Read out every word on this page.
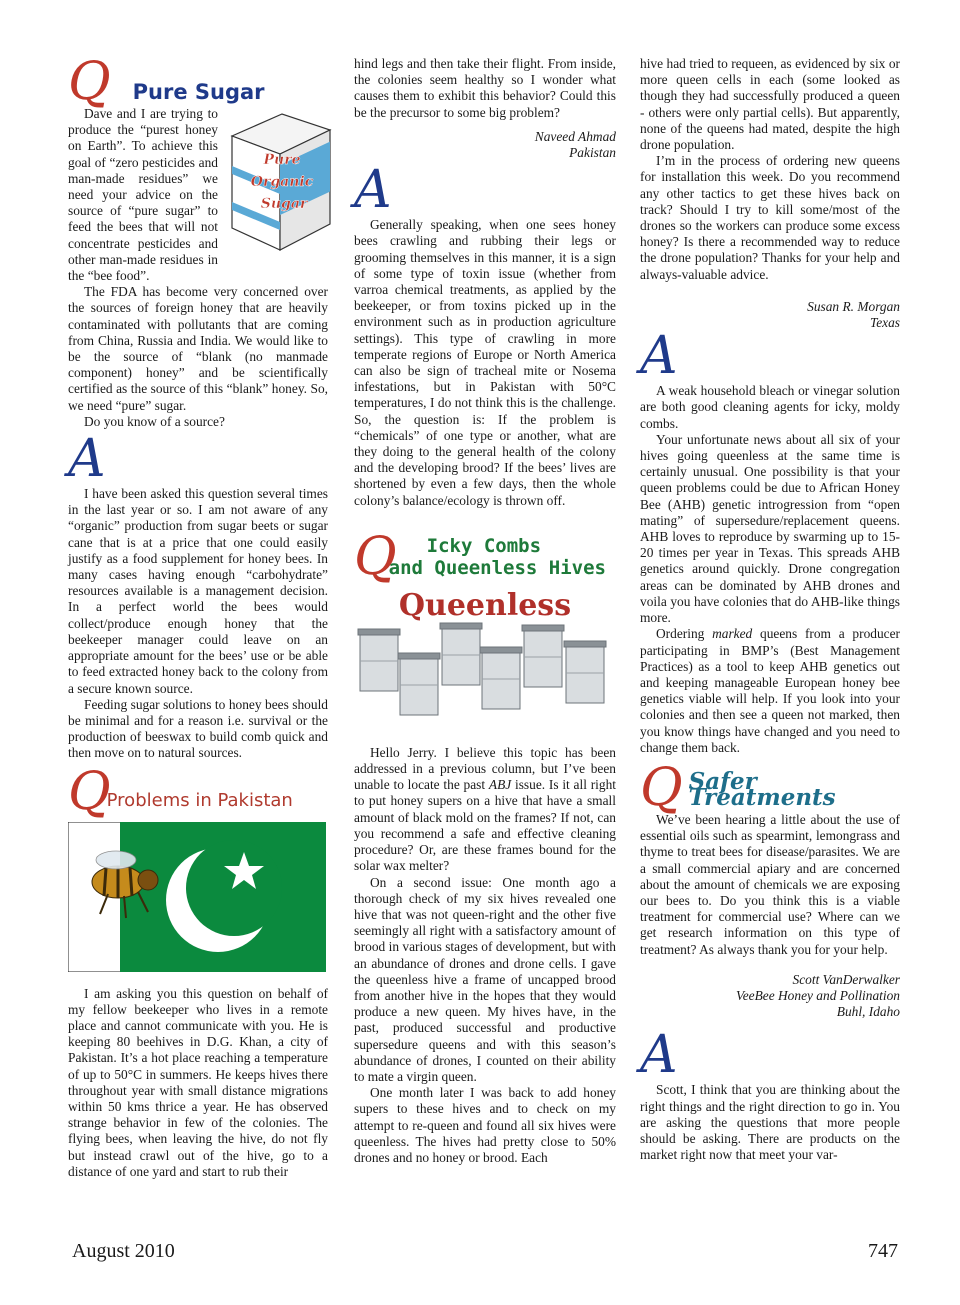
Q Pure Sugar
Pure
Organic
Sugar

Dave and I are trying to produce the “purest honey on Earth”. To achieve this goal of “zero pesticides and man-made residues” we need your advice on the source of “pure sugar” to feed the bees that will not concentrate pesticides and other man-made residues in the “bee food”.

The FDA has become very concerned over the sources of foreign honey that are heavily contaminated with pollutants that are coming from China, Russia and India. We would like to be the source of “blank (no manmade component) honey” and be scientifically certified as the source of this “blank” honey. So, we need “pure” sugar.

Do you know of a source?

A

I have been asked this question several times in the last year or so. I am not aware of any “organic” production from sugar beets or sugar cane that is at a price that one could easily justify as a food supplement for honey bees. In many cases having enough “carbohydrate” resources available is a management decision. In a perfect world the bees would collect/produce enough honey that the beekeeper manager could leave on an appropriate amount for the bees’ use or be able to feed extracted honey back to the colony from a secure known source.

Feeding sugar solutions to honey bees should be minimal and for a reason i.e. survival or the production of beeswax to build comb quick and then move on to natural sources.

Q
Problems in Pakistan

I am asking you this question on behalf of my fellow beekeeper who lives in a remote place and cannot communicate with you. He is keeping 80 beehives in D.G. Khan, a city of Pakistan. It’s a hot place reaching a temperature of up to 50°C in summers. He keeps hives there throughout year with small distance migrations within 50 kms thrice a year. He has observed strange behavior in few of the colonies. The flying bees, when leaving the hive, do not fly but instead crawl out of the hive, go to a distance of one yard and start to rub their

hind legs and then take their flight. From inside, the colonies seem healthy so I wonder what causes them to exhibit this behavior? Could this be the precursor to some big problem?

Naveed Ahmad

Pakistan

A

Generally speaking, when one sees honey bees crawling and rubbing their legs or grooming themselves in this manner, it is a sign of some type of toxin issue (whether from varroa chemical treatments, as applied by the beekeeper, or from toxins picked up in the environment such as in production agriculture settings). This type of crawling in more temperate regions of Europe or North America can also be sign of tracheal mite or Nosema infestations, but in Pakistan with 50°C temperatures, I do not think this is the challenge. So, the question is: If the problem is “chemicals” of one type or another, what are they doing to the general health of the colony and the developing brood? If the bees’ lives are shortened by even a few days, then the whole colony’s balance/ecology is thrown off.

Q Icky Combs
and Queenless Hives
Queenless

Hello Jerry. I believe this topic has been addressed in a previous column, but I’ve been unable to locate the past ABJ issue. Is it all right to put honey supers on a hive that have a small amount of black mold on the frames? If not, can you recommend a safe and effective cleaning procedure? Or, are these frames bound for the solar wax melter?

On a second issue: One month ago a thorough check of my six hives revealed one hive that was not queen-right and the other five seemingly all right with a satisfactory amount of brood in various stages of development, but with an abundance of drones and drone cells. I gave the queenless hive a frame of uncapped brood from another hive in the hopes that they would produce a new queen. My hives have, in the past, produced successful and productive supersedure queens and with this season’s abundance of drones, I counted on their ability to mate a virgin queen.

One month later I was back to add honey supers to these hives and to check on my attempt to re-queen and found all six hives were queenless. The hives had pretty close to 50% drones and no honey or brood. Each

hive had tried to requeen, as evidenced by six or more queen cells in each (some looked as though they had successfully produced a queen - others were only partial cells). But apparently, none of the queens had mated, despite the high drone population.

I’m in the process of ordering new queens for installation this week. Do you recommend any other tactics to get these hives back on track? Should I try to kill some/most of the drones so the workers can produce some excess honey? Is there a recommended way to reduce the drone population? Thanks for your help and always-valuable advice.

Susan R. Morgan

Texas

A

A weak household bleach or vinegar solution are both good cleaning agents for icky, moldy combs.

Your unfortunate news about all six of your hives going queenless at the same time is certainly unusual. One possibility is that your queen problems could be due to African Honey Bee (AHB) genetic introgression from “open mating” of supersedure/replacement queens. AHB loves to reproduce by swarming up to 15-20 times per year in Texas. This spreads AHB genetics around quickly. Drone congregation areas can be dominated by AHB drones and voila you have colonies that do AHB-like things more.

Ordering marked queens from a producer participating in BMP’s (Best Management Practices) as a tool to keep AHB genetics out and keeping manageable European honey bee genetics viable will help. If you look into your colonies and then see a queen not marked, then you know things have changed and you need to change them back.

Q Safer Treatments

We’ve been hearing a little about the use of essential oils such as spearmint, lemongrass and thyme to treat bees for disease/parasites. We are a small commercial apiary and are concerned about the amount of chemicals we are exposing our bees to. Do you think this is a viable treatment for commercial use? Where can we get research information on this type of treatment? As always thank you for your help.

Scott VanDerwalker

VeeBee Honey and Pollination

Buhl, Idaho

A

Scott, I think that you are thinking about the right things and the right direction to go in. You are asking the questions that more people should be asking. There are products on the market right now that meet your var-

August 2010	747
